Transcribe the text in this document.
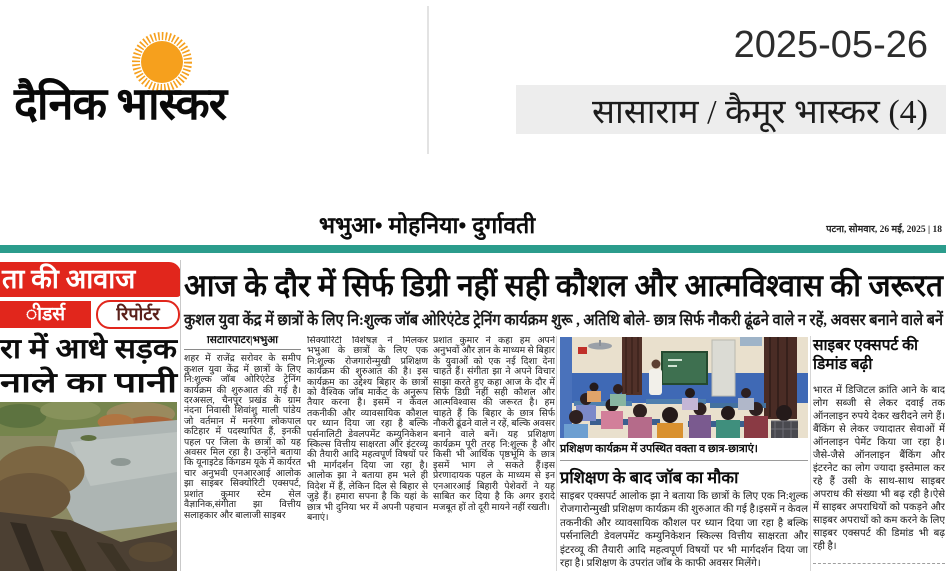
दैनिक भास्कर
2025-05-26
सासाराम / कैमूर भास्कर (4)
भभुआ• मोहनिया• दुर्गावती	पटना, सोमवार, 26 मई, 2025 | 18
ता की आवाज
ीडर्स	रिपोर्टर
रा में आधे सड़क
नाले का पानी
आज के दौर में सिर्फ डिग्री नहीं सही कौशल और आत्मविश्वास की जरूरत
कुशल युवा केंद्र में छात्रों के लिए नि:शुल्क जॉब ओरिएंटेड ट्रेनिंग कार्यक्रम शुरू , अतिथि बोले- छात्र सिर्फ नौकरी ढूंढने वाले न रहें, अवसर बनाने वाले बनें
सिटीरिपोर्टर|भभुआ
शहर में राजेंद्र सरोवर के समीप कुशल युवा केंद्र में छात्रों के लिए नि:शुल्क जॉब ओरिएंटेड ट्रेनिंग कार्यक्रम की शुरुआत की गई है। दरअसल, चैनपुर प्रखंड के ग्राम नंदना निवासी शिवांशु माली पांडेय जो वर्तमान में मनरेगा लोकपाल कटिहार में पदस्थापित हैं, इनकी पहल पर जिला के छात्रों को यह अवसर मिल रहा है। उन्होंने बताया कि यूनाइटेड किंगडम यूके में कार्यरत चार अनुभवी एनआरआई आलोक झा साइबर सिक्योरिटी एक्सपर्ट, प्रशांत कुमार स्टेम सेल वैज्ञानिक,संगीता झा वित्तीय सलाहकार और बालाजी साइबर
सिक्योरिटी विशेषज्ञ ने मिलकर भभुआ के छात्रों के लिए एक नि:शुल्क रोजगारोन्मुखी प्रशिक्षण कार्यक्रम की शुरुआत की है। इस कार्यक्रम का उद्देश्य बिहार के छात्रों को वैश्विक जॉब मार्केट के अनुरूप तैयार करना है। इसमें न केवल तकनीकी और व्यावसायिक कौशल पर ध्यान दिया जा रहा है बल्कि पर्सनालिटी डेवलपमेंट कम्युनिकेशन स्किल्स वित्तीय साक्षरता और इंटरव्यू की तैयारी आदि महत्वपूर्ण विषयों पर भी मार्गदर्शन दिया जा रहा है। आलोक झा ने बताया हम भले ही विदेश में हैं, लेकिन दिल से बिहार से जुड़े हैं। हमारा सपना है कि यहां के छात्र भी दुनिया भर में अपनी पहचान बनाएं।
प्रशांत कुमार ने कहा हम अपने अनुभवों और ज्ञान के माध्यम से बिहार के युवाओं को एक नई दिशा देना चाहते हैं। संगीता झा ने अपने विचार साझा करते हुए कहा आज के दौर में सिर्फ डिग्री नहीं सही कौशल और आत्मविश्वास की जरूरत है। हम चाहते हैं कि बिहार के छात्र सिर्फ नौकरी ढूंढने वाले न रहें, बल्कि अवसर बनाने वाले बनें। यह प्रशिक्षण कार्यक्रम पूरी तरह नि:शुल्क है और किसी भी आर्थिक पृष्ठभूमि के छात्र इसमें भाग ले सकते हैं।इस प्रेरणादायक पहल के माध्यम से इन एनआरआई बिहारी पेशेवरों ने यह साबित कर दिया है कि अगर इरादे मजबूत हों तो दूरी मायने नहीं रखती।
प्रशिक्षण कार्यक्रम में उपस्थित वक्ता व छात्र-छात्राएं।
प्रशिक्षण के बाद जॉब का मौका
साइबर एक्सपर्ट आलोक झा ने बताया कि छात्रों के लिए एक नि:शुल्क रोजगारोन्मुखी प्रशिक्षण कार्यक्रम की शुरुआत की गई है।इसमें न केवल तकनीकी और व्यावसायिक कौशल पर ध्यान दिया जा रहा है बल्कि पर्सनालिटी डेवलपमेंट कम्युनिकेशन स्किल्स वित्तीय साक्षरता और इंटरव्यू की तैयारी आदि महत्वपूर्ण विषयों पर भी मार्गदर्शन दिया जा रहा है। प्रशिक्षण के उपरांत जॉब के काफी अवसर मिलेंगे।
साइबर एक्सपर्ट की डिमांड बढ़ी
भारत में डिजिटल क्रांति आने के बाद लोग सब्जी से लेकर दवाई तक ऑनलाइन रुपये देकर खरीदने लगे हैं।बैंकिंग से लेकर ज्यादातर सेवाओं में ऑनलाइन पेमेंट किया जा रहा है।जैसे-जैसे ऑनलाइन बैंकिंग और इंटरनेट का लोग ज्यादा इस्तेमाल कर रहे हैं उसी के साथ-साथ साइबर अपराध की संख्या भी बढ़ रही है।ऐसे में साइबर अपराधियों को पकड़ने और साइबर अपराधों को कम करने के लिए साइबर एक्सपर्ट की डिमांड भी बढ़ रही है।
